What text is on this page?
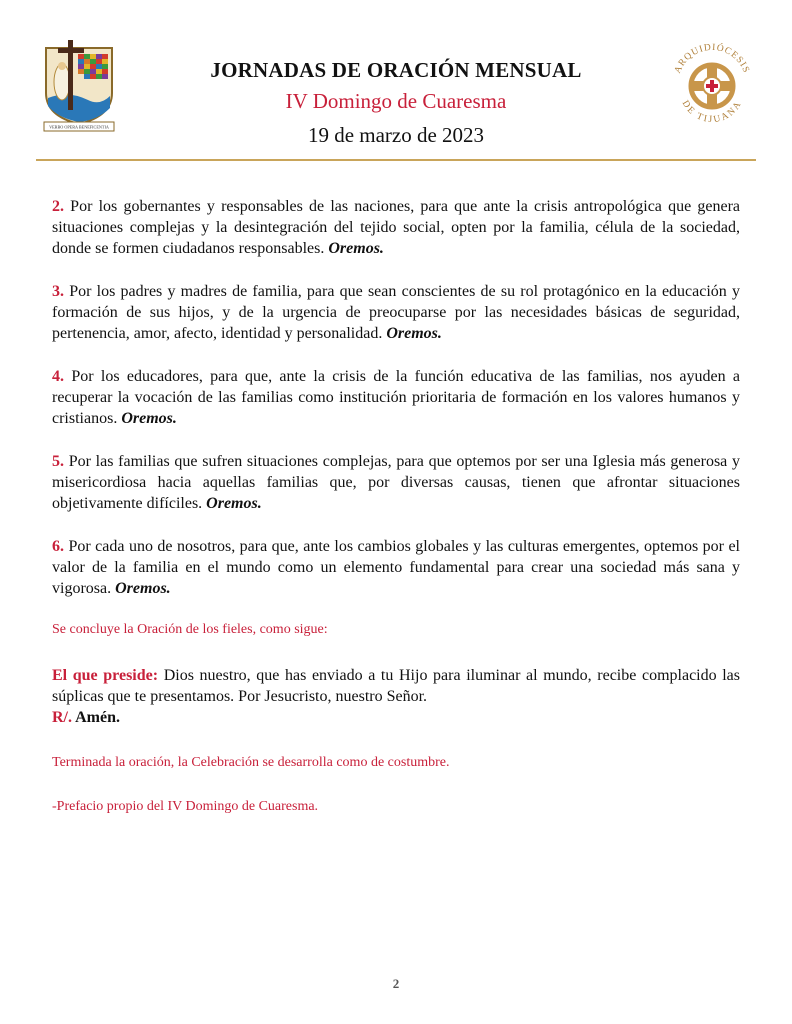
VERBO OPERA BENEFICENTIA
JORNADAS DE ORACIÓN MENSUAL
IV Domingo de Cuaresma
19 de marzo de 2023
ARQUIDIÓCESIS
DE TIJUANA

2. Por los gobernantes y responsables de las naciones, para que ante la crisis antropológica que genera situaciones complejas y la desintegración del tejido social, opten por la familia, célula de la sociedad, donde se formen ciudadanos responsables. Oremos.

3. Por los padres y madres de familia, para que sean conscientes de su rol protagónico en la educación y formación de sus hijos, y de la urgencia de preocuparse por las necesidades básicas de seguridad, pertenencia, amor, afecto, identidad y personalidad. Oremos.

4. Por los educadores, para que, ante la crisis de la función educativa de las familias, nos ayuden a recuperar la vocación de las familias como institución prioritaria de formación en los valores humanos y cristianos. Oremos.

5. Por las familias que sufren situaciones complejas, para que optemos por ser una Iglesia más generosa y misericordiosa hacia aquellas familias que, por diversas causas, tienen que afrontar situaciones objetivamente difíciles. Oremos.

6. Por cada uno de nosotros, para que, ante los cambios globales y las culturas emergentes, optemos por el valor de la familia en el mundo como un elemento fundamental para crear una sociedad más sana y vigorosa. Oremos.

Se concluye la Oración de los fieles, como sigue:

El que preside: Dios nuestro, que has enviado a tu Hijo para iluminar al mundo, recibe complacido las súplicas que te presentamos. Por Jesucristo, nuestro Señor.

R/. Amén.

Terminada la oración, la Celebración se desarrolla como de costumbre.

-Prefacio propio del IV Domingo de Cuaresma.

2
